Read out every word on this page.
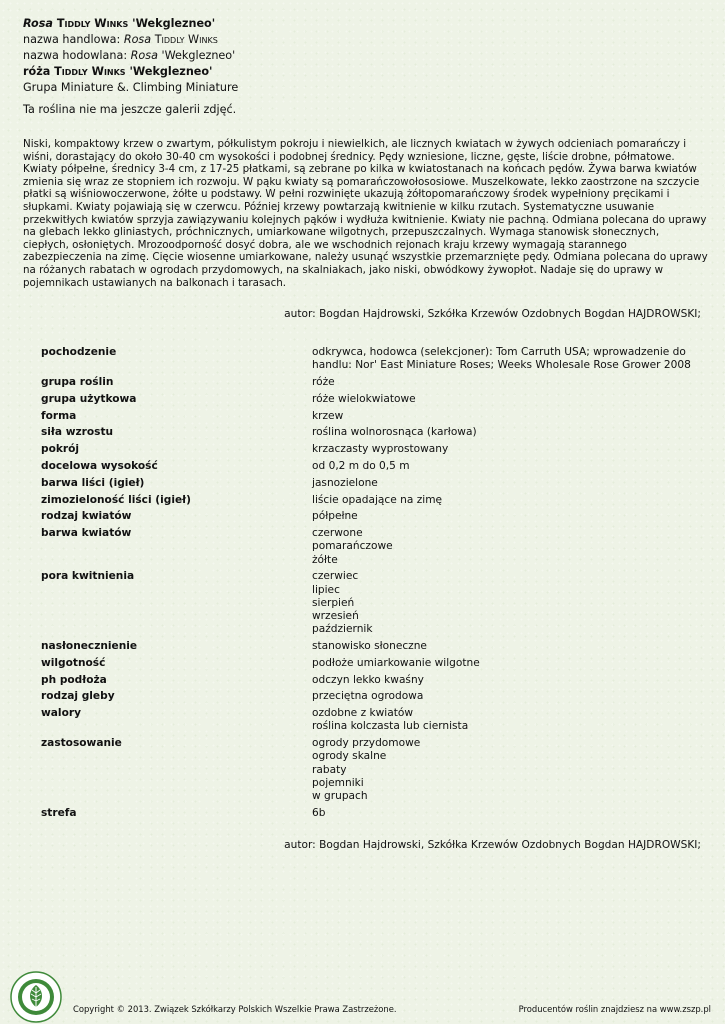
Rosa Tiddly Winks 'Wekglezneo'
nazwa handlowa: Rosa Tiddly Winks
nazwa hodowlana: Rosa 'Wekglezneo'
róża Tiddly Winks 'Wekglezneo'
Grupa Miniature &. Climbing Miniature
Ta roślina nie ma jeszcze galerii zdjęć.
Niski, kompaktowy krzew o zwartym, półkulistym pokroju i niewielkich, ale licznych kwiatach w żywych odcieniach pomarańczy i wiśni, dorastający do około 30-40 cm wysokości i podobnej średnicy. Pędy wzniesione, liczne, gęste, liście drobne, półmatowe. Kwiaty półpełne, średnicy 3-4 cm, z 17-25 płatkami, są zebrane po kilka w kwiatostanach na końcach pędów. Żywa barwa kwiatów zmienia się wraz ze stopniem ich rozwoju. W pąku kwiaty są pomarańczowołososiowe. Muszelkowate, lekko zaostrzone na szczycie płatki są wiśniowoczerwone, żółte u podstawy. W pełni rozwinięte ukazują żółtopomarańczowy środek wypełniony pręcikami i słupkami. Kwiaty pojawiają się w czerwcu. Później krzewy powtarzają kwitnienie w kilku rzutach. Systematyczne usuwanie przekwitłych kwiatów sprzyja zawiązywaniu kolejnych pąków i wydłuża kwitnienie. Kwiaty nie pachną. Odmiana polecana do uprawy na glebach lekko gliniastych, próchnicznych, umiarkowane wilgotnych, przepuszczalnych. Wymaga stanowisk słonecznych, ciepłych, osłoniętych. Mrozoodporność dosyć dobra, ale we wschodnich rejonach kraju krzewy wymagają starannego zabezpieczenia na zimę. Cięcie wiosenne umiarkowane, należy usunąć wszystkie przemarznięte pędy. Odmiana polecana do uprawy na różanych rabatach w ogrodach przydomowych, na skalniakach, jako niski, obwódkowy żywopłot. Nadaje się do uprawy w pojemnikach ustawianych na balkonach i tarasach.
autor: Bogdan Hajdrowski, Szkółka Krzewów Ozdobnych Bogdan HAJDROWSKI;
pochodzenie	odkrywca, hodowca (selekcjoner): Tom Carruth USA; wprowadzenie do handlu: Nor' East Miniature Roses; Weeks Wholesale Rose Grower 2008
grupa roślin	róże
grupa użytkowa	róże wielokwiatowe
forma	krzew
siła wzrostu	roślina wolnorosnąca (karłowa)
pokrój	krzaczasty wyprostowany
docelowa wysokość	od 0,2 m do 0,5 m
barwa liści (igieł)	jasnozielone
zimozieloność liści (igieł)	liście opadające na zimę
rodzaj kwiatów	półpełne
barwa kwiatów	czerwone
pomarańczowe
żółte
pora kwitnienia	czerwiec
lipiec
sierpień
wrzesień
październik
nasłonecznienie	stanowisko słoneczne
wilgotność	podłoże umiarkowanie wilgotne
ph podłoża	odczyn lekko kwaśny
rodzaj gleby	przeciętna ogrodowa
walory	ozdobne z kwiatów
roślina kolczasta lub ciernista
zastosowanie	ogrody przydomowe
ogrody skalne
rabaty
pojemniki
w grupach
strefa	6b
autor: Bogdan Hajdrowski, Szkółka Krzewów Ozdobnych Bogdan HAJDROWSKI;
Copyright © 2013. Związek Szkółkarzy Polskich Wszelkie Prawa Zastrzeżone.	Producentów roślin znajdziesz na www.zszp.pl
